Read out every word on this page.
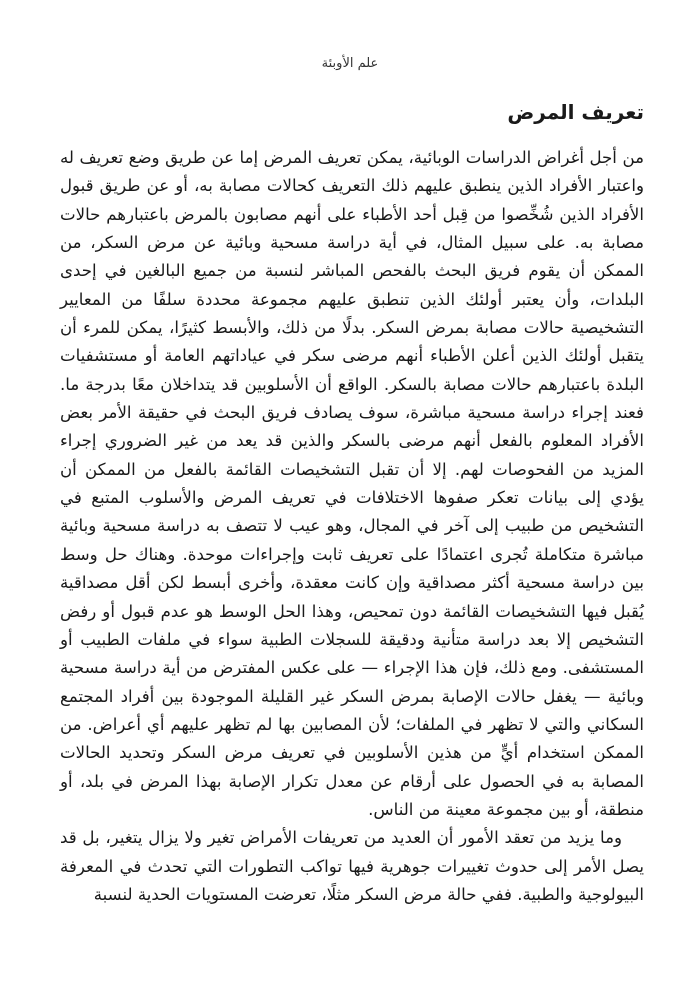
علم الأوبئة
تعريف المرض

من أجل أغراض الدراسات الوبائية، يمكن تعريف المرض إما عن طريق وضع تعريف له واعتبار الأفراد الذين ينطبق عليهم ذلك التعريف كحالات مصابة به، أو عن طريق قبول الأفراد الذين شُخِّصوا من قِبل أحد الأطباء على أنهم مصابون بالمرض باعتبارهم حالات مصابة به. على سبيل المثال، في أية دراسة مسحية وبائية عن مرض السكر، من الممكن أن يقوم فريق البحث بالفحص المباشر لنسبة من جميع البالغين في إحدى البلدات، وأن يعتبر أولئك الذين تنطبق عليهم مجموعة محددة سلفًا من المعايير التشخيصية حالات مصابة بمرض السكر. بدلًا من ذلك، والأبسط كثيرًا، يمكن للمرء أن يتقبل أولئك الذين أعلن الأطباء أنهم مرضى سكر في عياداتهم العامة أو مستشفيات البلدة باعتبارهم حالات مصابة بالسكر. الواقع أن الأسلوبين قد يتداخلان معًا بدرجة ما. فعند إجراء دراسة مسحية مباشرة، سوف يصادف فريق البحث في حقيقة الأمر بعض الأفراد المعلوم بالفعل أنهم مرضى بالسكر والذين قد يعد من غير الضروري إجراء المزيد من الفحوصات لهم. إلا أن تقبل التشخيصات القائمة بالفعل من الممكن أن يؤدي إلى بيانات تعكر صفوها الاختلافات في تعريف المرض والأسلوب المتبع في التشخيص من طبيب إلى آخر في المجال، وهو عيب لا تتصف به دراسة مسحية وبائية مباشرة متكاملة تُجرى اعتمادًا على تعريف ثابت وإجراءات موحدة. وهناك حل وسط بين دراسة مسحية أكثر مصداقية وإن كانت معقدة، وأخرى أبسط لكن أقل مصداقية يُقبل فيها التشخيصات القائمة دون تمحيص، وهذا الحل الوسط هو عدم قبول أو رفض التشخيص إلا بعد دراسة متأنية ودقيقة للسجلات الطبية سواء في ملفات الطبيب أو المستشفى. ومع ذلك، فإن هذا الإجراء — على عكس المفترض من أية دراسة مسحية وبائية — يغفل حالات الإصابة بمرض السكر غير القليلة الموجودة بين أفراد المجتمع السكاني والتي لا تظهر في الملفات؛ لأن المصابين بها لم تظهر عليهم أي أعراض. من الممكن استخدام أيٍّ من هذين الأسلوبين في تعريف مرض السكر وتحديد الحالات المصابة به في الحصول على أرقام عن معدل تكرار الإصابة بهذا المرض في بلد، أو منطقة، أو بين مجموعة معينة من الناس.

وما يزيد من تعقد الأمور أن العديد من تعريفات الأمراض تغير ولا يزال يتغير، بل قد يصل الأمر إلى حدوث تغييرات جوهرية فيها تواكب التطورات التي تحدث في المعرفة البيولوجية والطبية. ففي حالة مرض السكر مثلًا، تعرضت المستويات الحدية لنسبة
